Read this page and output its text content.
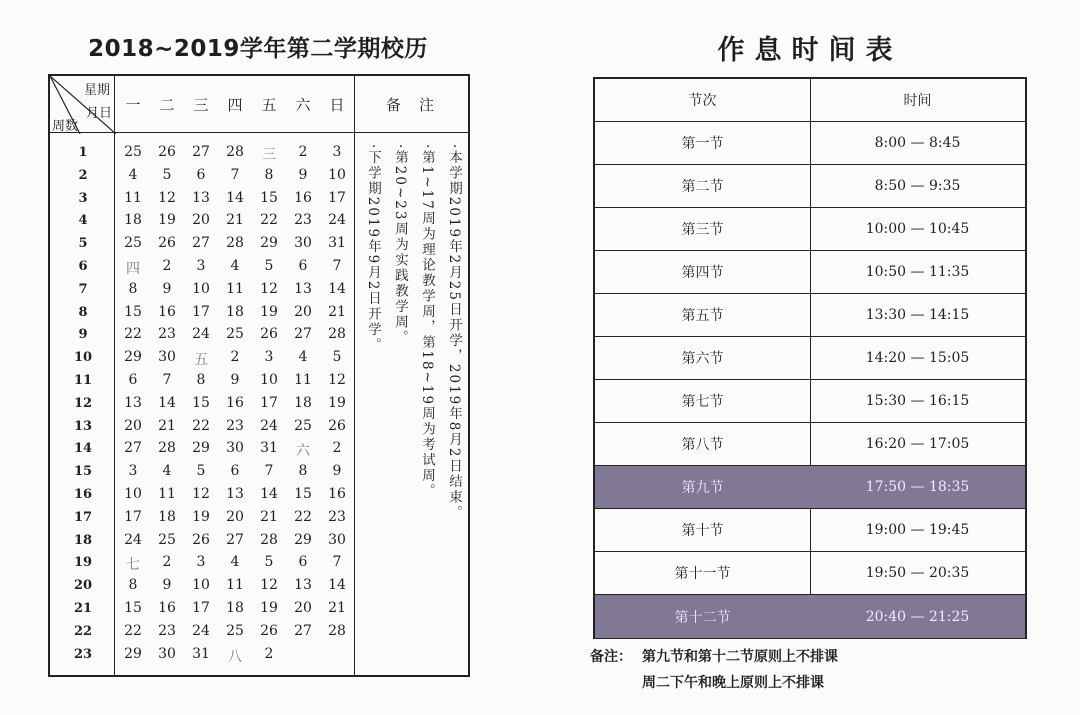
2018~2019学年第二学期校历	作息时间表
星期
月日
周数
一	二	三	四	五	六	日	备注
1	25	26	27	28	三	2	3
2	4	5	6	7	8	9	10
3	11	12	13	14	15	16	17
4	18	19	20	21	22	23	24
5	25	26	27	28	29	30	31
6	四	2	3	4	5	6	7
7	8	9	10	11	12	13	14
8	15	16	17	18	19	20	21
9	22	23	24	25	26	27	28
10	29	30	五	2	3	4	5
11	6	7	8	9	10	11	12
12	13	14	15	16	17	18	19
13	20	21	22	23	24	25	26
14	27	28	29	30	31	六	2
15	3	4	5	6	7	8	9
16	10	11	12	13	14	15	16
17	17	18	19	20	21	22	23
18	24	25	26	27	28	29	30
19	七	2	3	4	5	6	7
20	8	9	10	11	12	13	14
21	15	16	17	18	19	20	21
22	22	23	24	25	26	27	28
23	29	30	31	八	2
·本学期2019年2月25日开学，2019年8月2日结束。
·第1~17周为理论教学周，第18~19周为考试周。
·第20~23周为实践教学周。
·下学期2019年9月2日开学。
节次	时间
第一节	8:00 — 8:45
第二节	8:50 — 9:35
第三节	10:00 — 10:45
第四节	10:50 — 11:35
第五节	13:30 — 14:15
第六节	14:20 — 15:05
第七节	15:30 — 16:15
第八节	16:20 — 17:05
第九节	17:50 — 18:35
第十节	19:00 — 19:45
第十一节	19:50 — 20:35
第十二节	20:40 — 21:25
备注： 第九节和第十二节原则上不排课
周二下午和晚上原则上不排课
